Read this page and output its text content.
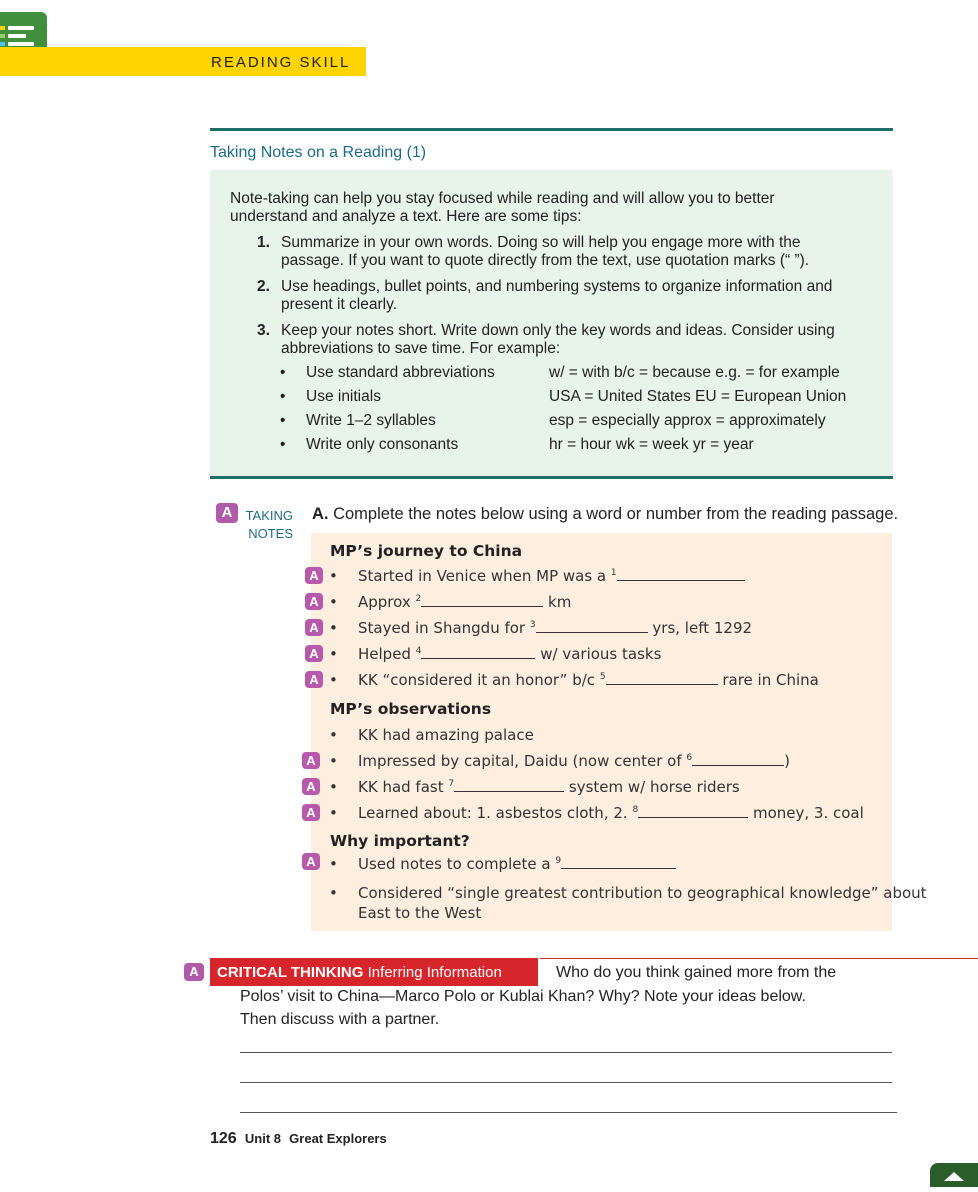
READING SKILL
Taking Notes on a Reading (1)
Note-taking can help you stay focused while reading and will allow you to better
understand and analyze a text. Here are some tips:
1. Summarize in your own words. Doing so will help you engage more with the
passage. If you want to quote directly from the text, use quotation marks (“ ”).
2. Use headings, bullet points, and numbering systems to organize information and
present it clearly.
3. Keep your notes short. Write down only the key words and ideas. Consider using
abbreviations to save time. For example:
• Use standard abbreviations	w/ = with b/c = because e.g. = for example
• Use initials	USA = United States EU = European Union
• Write 1–2 syllables	esp = especially approx = approximately
• Write only consonants	hr = hour wk = week yr = year
A	TAKING
NOTES
A. Complete the notes below using a word or number from the reading passage.
MP’s journey to China
A • Started in Venice when MP was a $^1$
A • Approx $^2$	km
A • Stayed in Shangdu for $^3$	yrs, left 1292
A • Helped $^4$	w/ various tasks
A • KK “considered it an honor” b/c $^5$	rare in China
MP’s observations
• KK had amazing palace
A • Impressed by capital, Daidu (now center of $^6$	)
A • KK had fast $^7$	system w/ horse riders
A • Learned about: 1. asbestos cloth, 2. $^8$	money, 3. coal
Why important?
A • Used notes to complete a $^9$
• Considered “single greatest contribution to geographical knowledge” about
East to the West
A	CRITICAL THINKING Inferring Information	Who do you think gained more from the
Polos’ visit to China—Marco Polo or Kublai Khan? Why? Note your ideas below.
Then discuss with a partner.
126 Unit 8 Great Explorers
